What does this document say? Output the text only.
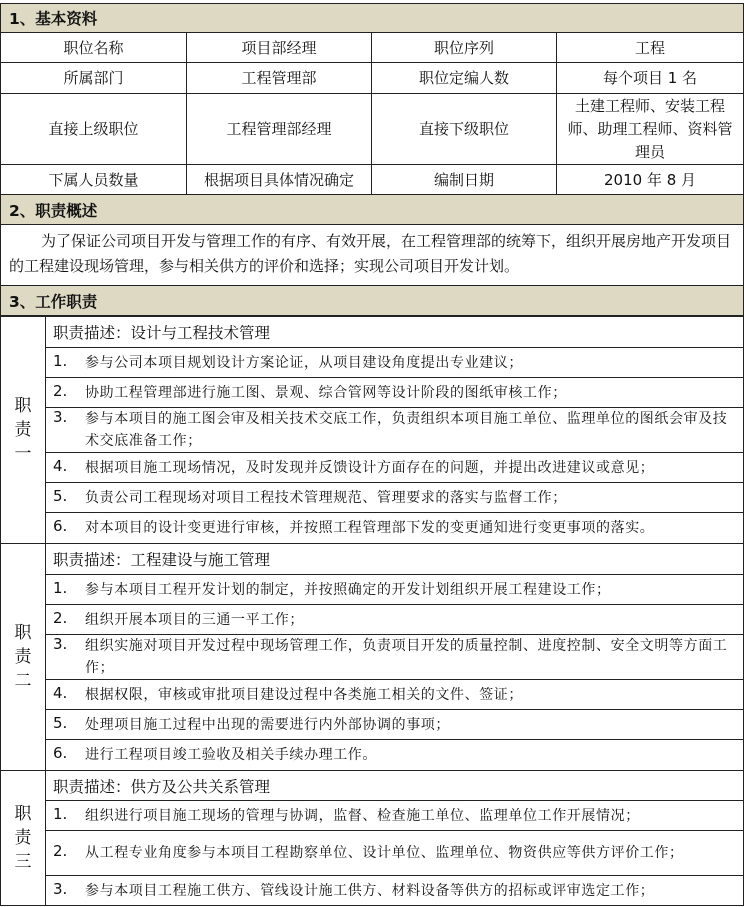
1、基本资料			
职位名称	项目部经理	职位序列	工程
所属部门	工程管理部	职位定编人数	每个项目 1 名
直接上级职位	工程管理部经理	直接下级职位	土建工程师、安装工程师、助理工程师、资料管理员
下属人员数量	根据项目具体情况确定	编制日期	2010 年 8 月
2、职责概述			
为了保证公司项目开发与管理工作的有序、有效开展，在工程管理部的统筹下，组织开展房地产开发项目的工程建设现场管理，参与相关供方的评价和选择；实现公司项目开发计划。			
3、工作职责			
职责一	职责描述：设计与工程技术管理

	1. 参与公司本项目规划设计方案论证，从项目建设角度提出专业建议；

	2. 协助工程管理部进行施工图、景观、综合管网等设计阶段的图纸审核工作；

	3. 参与本项目的施工图会审及相关技术交底工作，负责组织本项目施工单位、监理单位的图纸会审及技术交底准备工作；

	4. 根据项目施工现场情况，及时发现并反馈设计方面存在的问题，并提出改进建议或意见；

	5. 负责公司工程现场对项目工程技术管理规范、管理要求的落实与监督工作；

	6. 对本项目的设计变更进行审核，并按照工程管理部下发的变更通知进行变更事项的落实。

职责二	职责描述：工程建设与施工管理

	1. 参与本项目工程开发计划的制定，并按照确定的开发计划组织开展工程建设工作；

	2. 组织开展本项目的三通一平工作；

	3. 组织实施对项目开发过程中现场管理工作，负责项目开发的质量控制、进度控制、安全文明等方面工作；

	4. 根据权限，审核或审批项目建设过程中各类施工相关的文件、签证；

	5. 处理项目施工过程中出现的需要进行内外部协调的事项；

	6. 进行工程项目竣工验收及相关手续办理工作。

职责三	职责描述：供方及公共关系管理

	1. 组织进行项目施工现场的管理与协调，监督、检查施工单位、监理单位工作开展情况；

	2. 从工程专业角度参与本项目工程勘察单位、设计单位、监理单位、物资供应等供方评价工作；

	3. 参与本项目工程施工供方、管线设计施工供方、材料设备等供方的招标或评审选定工作；
